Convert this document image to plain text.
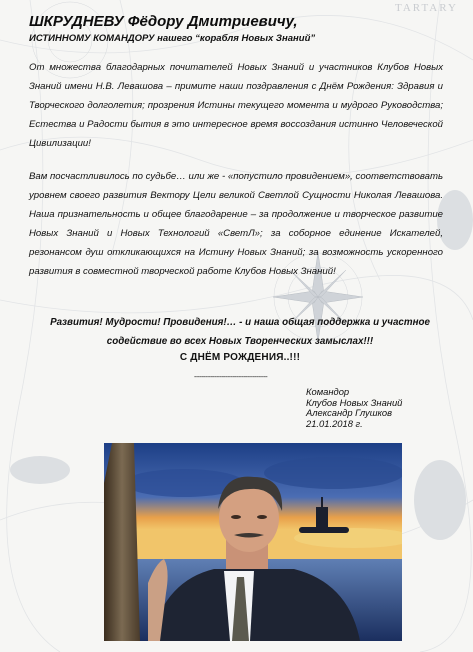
TARTARY
ШКРУДНЕВУ Фёдору Дмитриевичу,
ИСТИННОМУ КОМАНДОРУ нашего “корабля Новых Знаний”
От множества благодарных почитателей Новых Знаний и участников Клубов Новых Знаний имени Н.В. Левашова – примите наши поздравления с Днём Рождения: Здравия и Творческого долголетия; прозрения Истины текущего момента и мудрого Руководства; Естества и Радости бытия в это интересное время воссоздания истинно Человеческой Цивилизации!
Вам посчастливилось по судьбе… или же - «попустило провидением», соответствовать уровнем своего развития Вектору Цели великой Светлой Сущности Николая Левашова. Наша признательность и общее благодарение – за продолжение и творческое развитие Новых Знаний и Новых Технологий «СветЛ»; за соборное единение Искателей, резонансом душ откликающихся на Истину Новых Знаний; за возможность ускоренного развития в совместной творческой работе Клубов Новых Знаний!
Развития! Мудрости! Провидения!… - и наша общая поддержка и участное содействие во всех Новых Творенческих замыслах!!!
С ДНЁМ РОЖДЕНИЯ..!!!
----------------------------------------
Командор
Клубов Новых Знаний
Александр Глушков
21.01.2018 г.
